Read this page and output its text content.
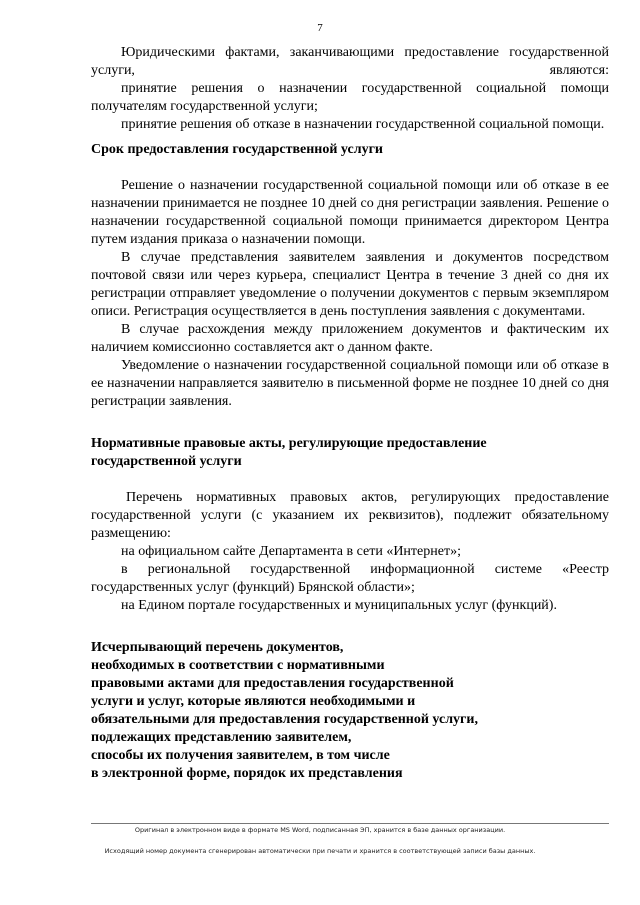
7

Юридическими фактами, заканчивающими предоставление государственной услуги, являются:

принятие решения о назначении государственной социальной помощи получателям государственной услуги;

принятие решения об отказе в назначении государственной социальной помощи.

Срок предоставления государственной услуги

Решение о назначении государственной социальной помощи или об отказе в ее назначении принимается не позднее 10 дней со дня регистрации заявления. Решение о назначении государственной социальной помощи принимается директором Центра путем издания приказа о назначении помощи.

В случае представления заявителем заявления и документов посредством почтовой связи или через курьера, специалист Центра в течение 3 дней со дня их регистрации отправляет уведомление о получении документов с первым экземпляром описи. Регистрация осуществляется в день поступления заявления с документами.

В случае расхождения между приложением документов и фактическим их наличием комиссионно составляется акт о данном факте.

Уведомление о назначении государственной социальной помощи или об отказе в ее назначении направляется заявителю в письменной форме не позднее 10 дней со дня регистрации заявления.

Нормативные правовые акты, регулирующие предоставление

государственной услуги

Перечень нормативных правовых актов, регулирующих предоставление государственной услуги (с указанием их реквизитов), подлежит обязательному размещению:

на официальном сайте Департамента в сети «Интернет»;

в региональной государственной информационной системе «Реестр государственных услуг (функций) Брянской области»;

на Едином портале государственных и муниципальных услуг (функций).

Исчерпывающий перечень документов,

необходимых в соответствии с нормативными

правовыми актами для предоставления государственной

услуги и услуг, которые являются необходимыми и

обязательными для предоставления государственной услуги,

подлежащих представлению заявителем,

способы их получения заявителем, в том числе

в электронной форме, порядок их представления

Оригинал в электронном виде в формате MS Word, подписанная ЭП, хранится в базе данных организации.
Исходящий номер документа сгенерирован автоматически при печати и хранится в соответствующей записи базы данных.
